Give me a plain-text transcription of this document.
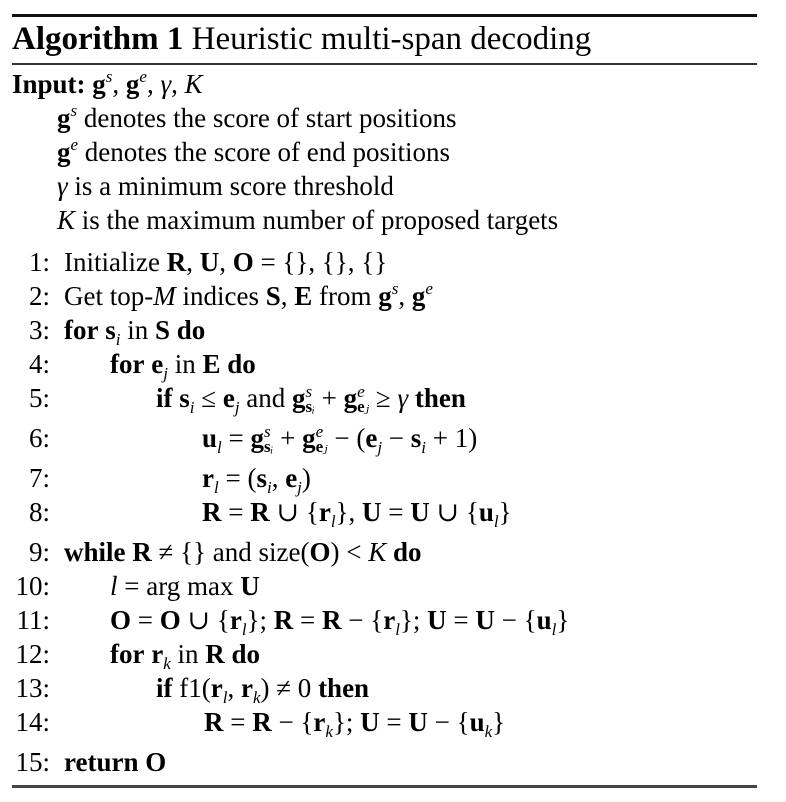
Algorithm 1 Heuristic multi-span decoding
Input: $g^s$, $g^e$, γ, K
$g^s$ denotes the score of start positions
$g^e$ denotes the score of end positions
γ is a minimum score threshold
K is the maximum number of proposed targets
1: Initialize R, U, O = {}, {}, {}
2: Get top-M indices S, E from $g^s$, $g^e$
3: for $s_i$ in S do
4: for $e_j$ in E do
5:	if $s_i \le e_j$ and g s
sᵢ + g e
eⱼ ≥ γ then
6:	$u_l = g$ s
sᵢ + g e
eⱼ − $(e_j - s_i + 1)$
7:	$r_l = (s_i$, $e_j$)
8:	R = R ∪ $\{r_l\}$, U = U ∪ $\{u_l\}$
9: while R ≠ {} and size(O) < K do
10: l = arg max U
11: O = O ∪ $\{r_l\}$; $R = R - \{r_l\}$; $U = U - \{u_l\}$
12: for $r_k$ in R do
13:	if $f1(r_l$, $r_k) \ne 0$ then
14:	$R = R - \{r_k\}$; $U = U - \{u_k\}$
15: return O
